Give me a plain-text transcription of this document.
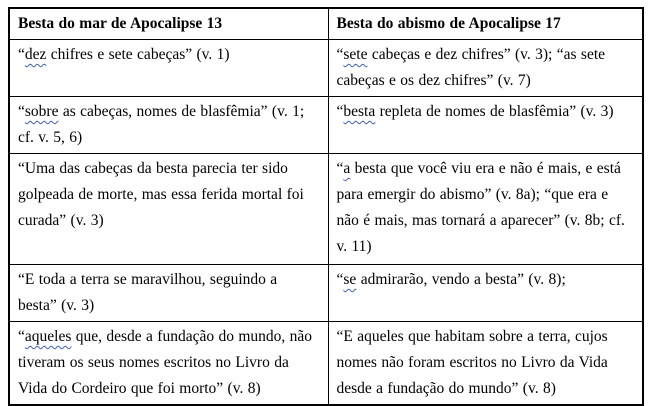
Besta do mar de Apocalipse 13	Besta do abismo de Apocalipse 17
“dez chifres e sete cabeças” (v. 1)	“sete cabeças e dez chifres” (v. 3); “as sete cabeças e os dez chifres” (v. 7)
“sobre as cabeças, nomes de blasfêmia” (v. 1; cf. v. 5, 6)	“besta repleta de nomes de blasfêmia” (v. 3)
“Uma das cabeças da besta parecia ter sido golpeada de morte, mas essa ferida mortal foi curada” (v. 3)	“a besta que você viu era e não é mais, e está para emergir do abismo” (v. 8a); “que era e não é mais, mas tornará a aparecer” (v. 8b; cf. v. 11)
“E toda a terra se maravilhou, seguindo a besta” (v. 3)	“se admirarão, vendo a besta” (v. 8);
“aqueles que, desde a fundação do mundo, não tiveram os seus nomes escritos no Livro da Vida do Cordeiro que foi morto” (v. 8)	“E aqueles que habitam sobre a terra, cujos nomes não foram escritos no Livro da Vida desde a fundação do mundo” (v. 8)
